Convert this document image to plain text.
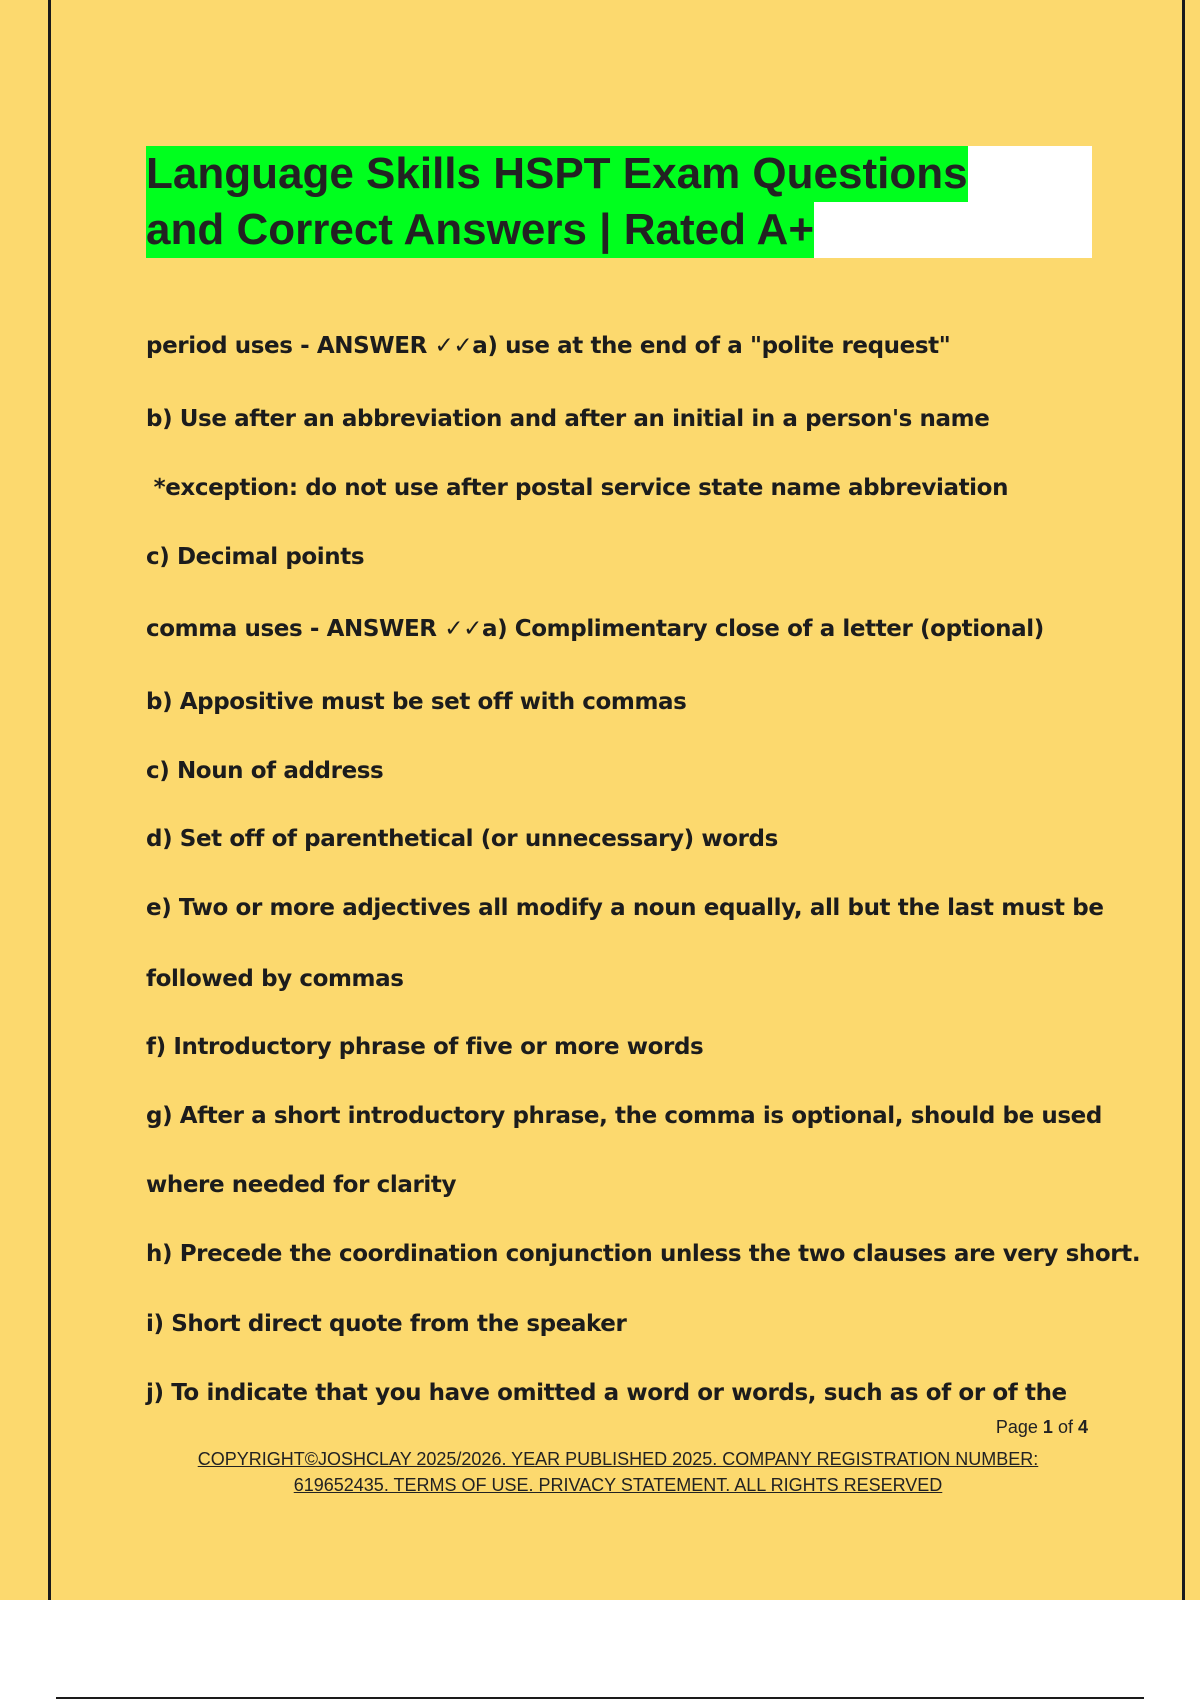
Language Skills HSPT Exam Questions
and Correct Answers | Rated A+
period uses - ANSWER ✓✓a) use at the end of a "polite request"
b) Use after an abbreviation and after an initial in a person's name
*exception: do not use after postal service state name abbreviation
c) Decimal points
comma uses - ANSWER ✓✓a) Complimentary close of a letter (optional)
b) Appositive must be set off with commas
c) Noun of address
d) Set off of parenthetical (or unnecessary) words
e) Two or more adjectives all modify a noun equally, all but the last must be
followed by commas
f) Introductory phrase of five or more words
g) After a short introductory phrase, the comma is optional, should be used
where needed for clarity
h) Precede the coordination conjunction unless the two clauses are very short.
i) Short direct quote from the speaker
j) To indicate that you have omitted a word or words, such as of or of the
Page 1 of 4
COPYRIGHT©JOSHCLAY 2025/2026. YEAR PUBLISHED 2025. COMPANY REGISTRATION NUMBER:
619652435. TERMS OF USE. PRIVACY STATEMENT. ALL RIGHTS RESERVED
